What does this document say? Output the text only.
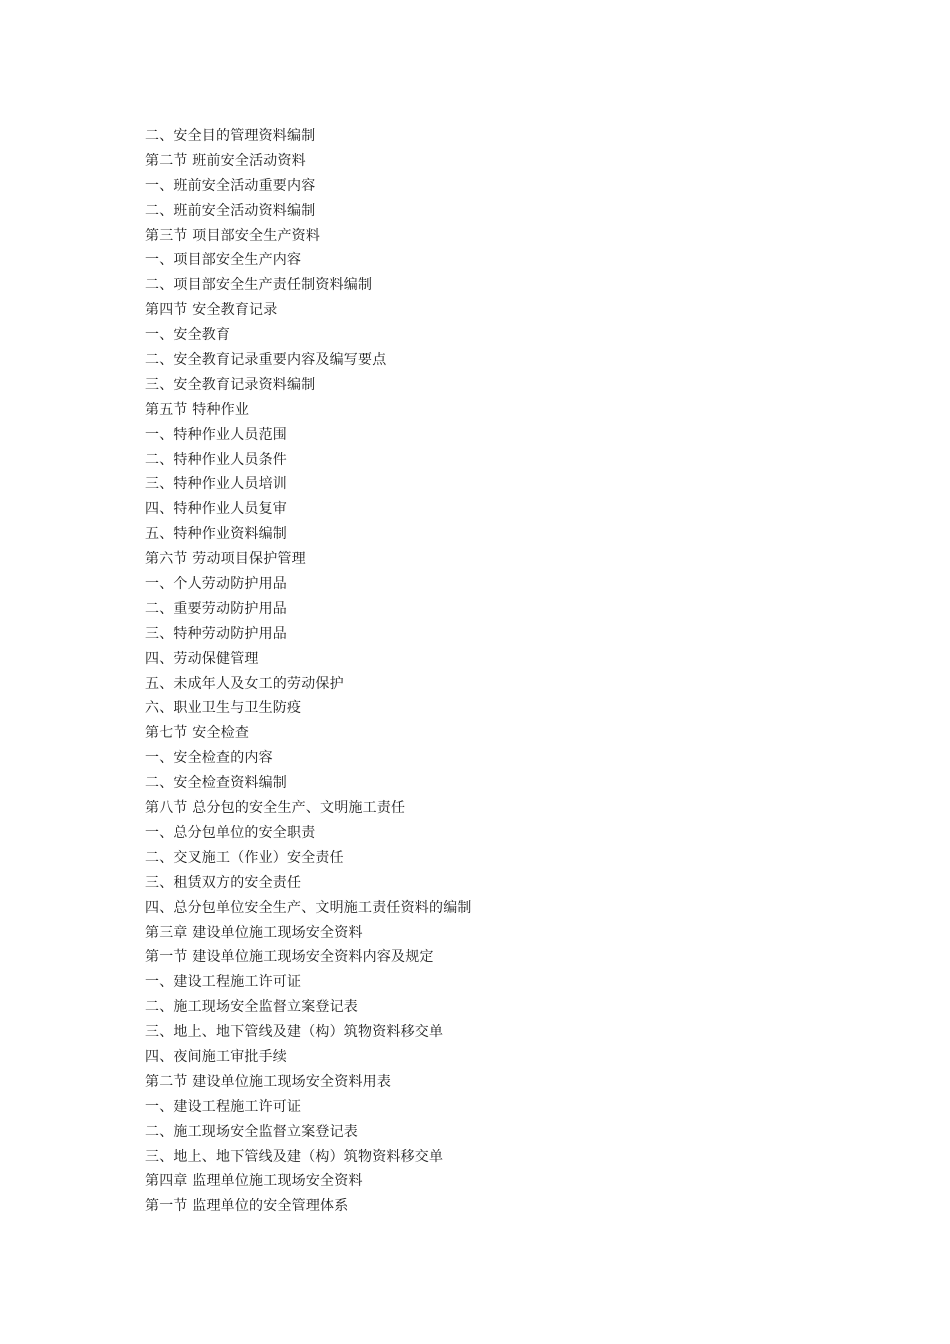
二、安全目的管理资料编制
第二节 班前安全活动资料
一、班前安全活动重要内容
二、班前安全活动资料编制
第三节 项目部安全生产资料
一、项目部安全生产内容
二、项目部安全生产责任制资料编制
第四节 安全教育记录
一、安全教育
二、安全教育记录重要内容及编写要点
三、安全教育记录资料编制
第五节 特种作业
一、特种作业人员范围
二、特种作业人员条件
三、特种作业人员培训
四、特种作业人员复审
五、特种作业资料编制
第六节 劳动项目保护管理
一、个人劳动防护用品
二、重要劳动防护用品
三、特种劳动防护用品
四、劳动保健管理
五、未成年人及女工的劳动保护
六、职业卫生与卫生防疫
第七节 安全检查
一、安全检查的内容
二、安全检查资料编制
第八节 总分包的安全生产、文明施工责任
一、总分包单位的安全职责
二、交叉施工（作业）安全责任
三、租赁双方的安全责任
四、总分包单位安全生产、文明施工责任资料的编制
第三章 建设单位施工现场安全资料
第一节 建设单位施工现场安全资料内容及规定
一、建设工程施工许可证
二、施工现场安全监督立案登记表
三、地上、地下管线及建（构）筑物资料移交单
四、夜间施工审批手续
第二节 建设单位施工现场安全资料用表
一、建设工程施工许可证
二、施工现场安全监督立案登记表
三、地上、地下管线及建（构）筑物资料移交单
第四章 监理单位施工现场安全资料
第一节 监理单位的安全管理体系
